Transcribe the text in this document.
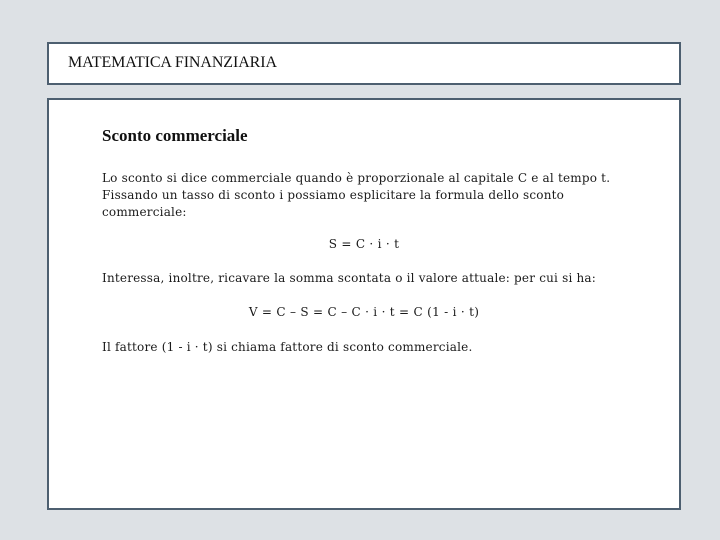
MATEMATICA FINANZIARIA
Sconto commerciale
Lo sconto si dice commerciale quando è proporzionale al capitale C e al tempo t. Fissando un tasso di sconto i possiamo esplicitare la formula dello sconto commerciale:
S = C · i · t
Interessa, inoltre, ricavare la somma scontata o il valore attuale: per cui si ha:
V = C – S = C – C · i · t = C (1 - i · t)
Il fattore (1 - i · t) si chiama fattore di sconto commerciale.
